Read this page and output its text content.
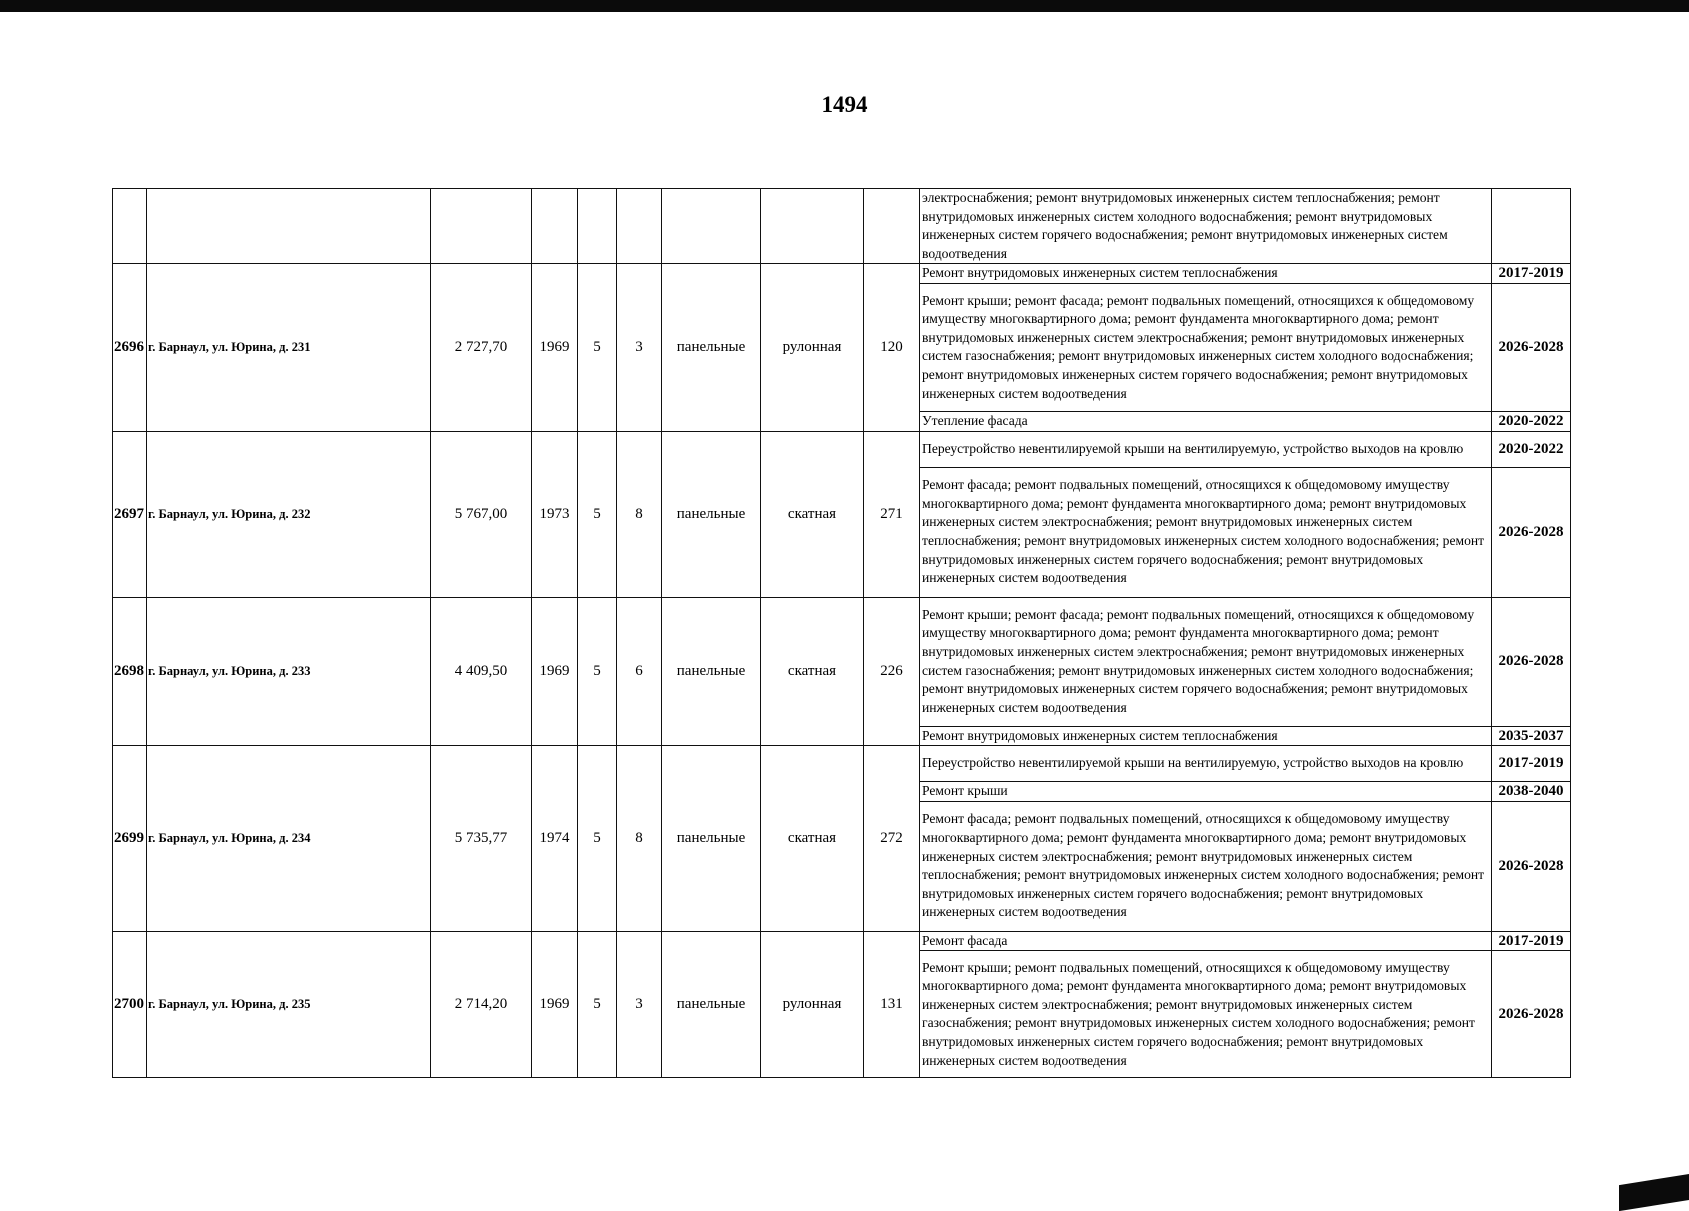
1494
									электроснабжения; ремонт внутридомовых инженерных систем теплоснабжения; ремонт внутридомовых инженерных систем холодного водоснабжения; ремонт внутридомовых инженерных систем горячего водоснабжения; ремонт внутридомовых инженерных систем водоотведения	
2696	г. Барнаул, ул. Юрина, д. 231	2 727,70	1969	5	3	панельные	рулонная	120	Ремонт внутридомовых инженерных систем теплоснабжения	2017-2019
									Ремонт крыши; ремонт фасада; ремонт подвальных помещений, относящихся к общедомовому имуществу многоквартирного дома; ремонт фундамента многоквартирного дома; ремонт внутридомовых инженерных систем электроснабжения; ремонт внутридомовых инженерных систем газоснабжения; ремонт внутридомовых инженерных систем холодного водоснабжения; ремонт внутридомовых инженерных систем горячего водоснабжения; ремонт внутридомовых инженерных систем водоотведения	2026-2028
									Утепление фасада	2020-2022
2697	г. Барнаул, ул. Юрина, д. 232	5 767,00	1973	5	8	панельные	скатная	271	Переустройство невентилируемой крыши на вентилируемую, устройство выходов на кровлю	2020-2022
									Ремонт фасада; ремонт подвальных помещений, относящихся к общедомовому имуществу многоквартирного дома; ремонт фундамента многоквартирного дома; ремонт внутридомовых инженерных систем электроснабжения; ремонт внутридомовых инженерных систем теплоснабжения; ремонт внутридомовых инженерных систем холодного водоснабжения; ремонт внутридомовых инженерных систем горячего водоснабжения; ремонт внутридомовых инженерных систем водоотведения	2026-2028
2698	г. Барнаул, ул. Юрина, д. 233	4 409,50	1969	5	6	панельные	скатная	226	Ремонт крыши; ремонт фасада; ремонт подвальных помещений, относящихся к общедомовому имуществу многоквартирного дома; ремонт фундамента многоквартирного дома; ремонт внутридомовых инженерных систем электроснабжения; ремонт внутридомовых инженерных систем газоснабжения; ремонт внутридомовых инженерных систем холодного водоснабжения; ремонт внутридомовых инженерных систем горячего водоснабжения; ремонт внутридомовых инженерных систем водоотведения	2026-2028
									Ремонт внутридомовых инженерных систем теплоснабжения	2035-2037
2699	г. Барнаул, ул. Юрина, д. 234	5 735,77	1974	5	8	панельные	скатная	272	Переустройство невентилируемой крыши на вентилируемую, устройство выходов на кровлю	2017-2019
									Ремонт крыши	2038-2040
									Ремонт фасада; ремонт подвальных помещений, относящихся к общедомовому имуществу многоквартирного дома; ремонт фундамента многоквартирного дома; ремонт внутридомовых инженерных систем электроснабжения; ремонт внутридомовых инженерных систем теплоснабжения; ремонт внутридомовых инженерных систем холодного водоснабжения; ремонт внутридомовых инженерных систем горячего водоснабжения; ремонт внутридомовых инженерных систем водоотведения	2026-2028
2700	г. Барнаул, ул. Юрина, д. 235	2 714,20	1969	5	3	панельные	рулонная	131	Ремонт фасада	2017-2019
									Ремонт крыши; ремонт подвальных помещений, относящихся к общедомовому имуществу многоквартирного дома; ремонт фундамента многоквартирного дома; ремонт внутридомовых инженерных систем электроснабжения; ремонт внутридомовых инженерных систем газоснабжения; ремонт внутридомовых инженерных систем холодного водоснабжения; ремонт внутридомовых инженерных систем горячего водоснабжения; ремонт внутридомовых инженерных систем водоотведения	2026-2028
